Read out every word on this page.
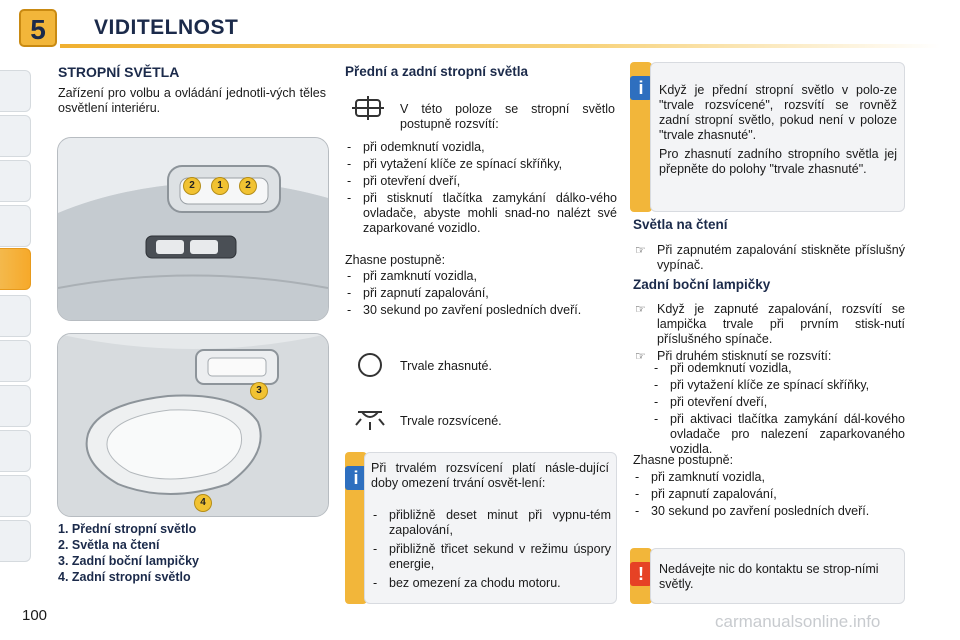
5 VIDITELNOST
STROPNÍ SVĚTLA
Zařízení pro volbu a ovládání jednotli-vých těles osvětlení interiéru.
2	1	2
3
4
1. Přední stropní světlo
2. Světla na čtení
3. Zadní boční lampičky
4. Zadní stropní světlo
Přední a zadní stropní světla
V této poloze se stropní světlo postupně rozsvítí:
- při odemknutí vozidla,
- při vytažení klíče ze spínací skříňky,
- při otevření dveří,
- při stisknutí tlačítka zamykání dálko-vého ovladače, abyste mohli snad-no nalézt své zaparkované vozidlo.
Zhasne postupně:
- při zamknutí vozidla,
- při zapnutí zapalování,
- 30 sekund po zavření posledních dveří.
Trvale zhasnuté.
Trvale rozsvícené.
i	Při trvalém rozsvícení platí násle-dující doby omezení trvání osvět-lení:
- přibližně deset minut při vypnu-tém zapalování,
- přibližně třicet sekund v režimu úspory energie,
- bez omezení za chodu motoru.
i	Když je přední stropní světlo v polo-ze "trvale rozsvícené", rozsvítí se rovněž zadní stropní světlo, pokud není v poloze "trvale zhasnuté".
Pro zhasnutí zadního stropního světla jej přepněte do polohy "trvale zhasnuté".
Světla na čtení
☞ Při zapnutém zapalování stiskněte příslušný vypínač.
Zadní boční lampičky
☞ Když je zapnuté zapalování, rozsvítí se lampička trvale při prvním stisk-nutí příslušného spínače.
☞ Při druhém stisknutí se rozsvítí:
- při odemknutí vozidla,
- při vytažení klíče ze spínací skříňky,
- při otevření dveří,
- při aktivaci tlačítka zamykání dál-kového ovladače pro nalezení zaparkovaného vozidla.
Zhasne postupně:
- při zamknutí vozidla,
- při zapnutí zapalování,
- 30 sekund po zavření posledních dveří.
!	Nedávejte nic do kontaktu se strop-ními světly.
100	carmanualsonline.info
